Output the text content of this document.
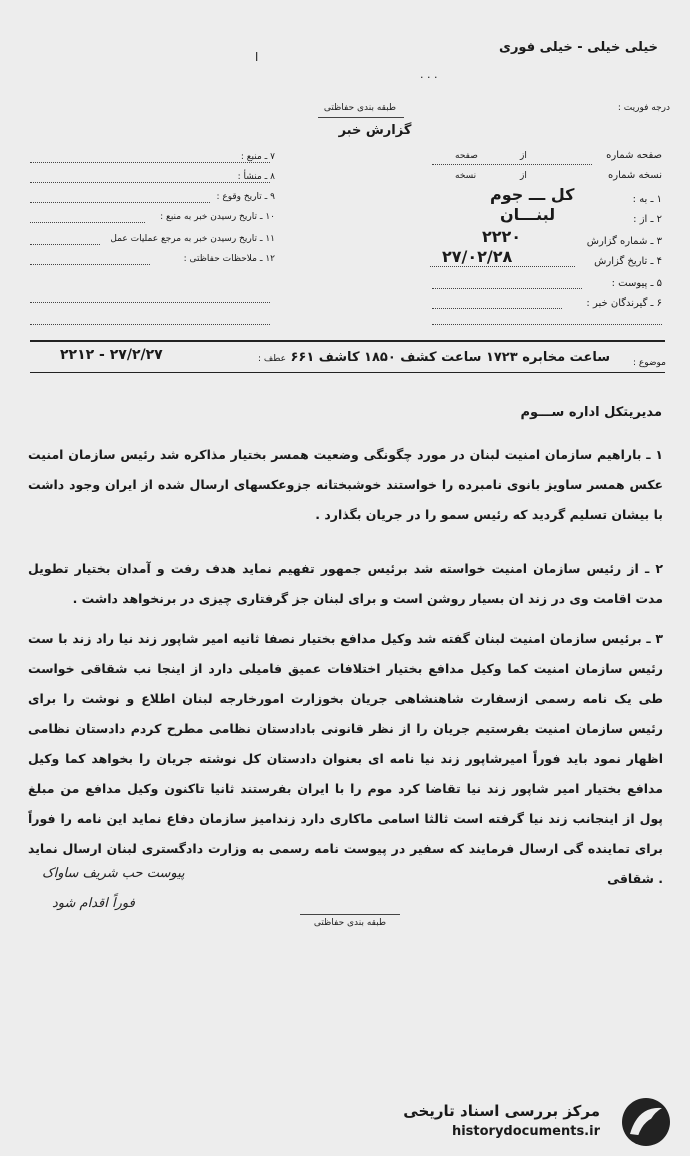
خیلی خیلی - خیلی فوری
. . .
ا
طبقه بندی حفاظتی
گزارش خبر
درجه فوریت :
صفحه شماره
نسخه شماره
صفحه	از
از
نسخه
۱ ـ به :
کل ـــ جوم
۲ ـ از :
لبنـــان
۳ ـ شماره گزارش
۲۲۲۰
۴ ـ تاریخ گزارش
۲۷/۰۲/۲۸
۵ ـ پیوست :
۶ ـ گیرندگان خبر :
۷ ـ منبع :
۸ ـ منشأ :
۹ ـ تاریخ وقوع :
۱۰ ـ تاریخ رسیدن خبر به منبع :
۱۱ ـ تاریخ رسیدن خبر به مرجع عملیات عمل
۱۲ ـ ملاحظات حفاظتی :
موضوع :
ساعت مخابره ۱۷۲۳ ساعت کشف ۱۸۵۰ کاشف ۶۶۱
عطف :
۲۷/۲/۲۷ - ۲۲۱۲
مدیریتکل اداره ســـوم
۱ ـ باراهیم سازمان امنیت لبنان در مورد چگونگی وضعیت همسر بختیار مذاکره شد رئیس سازمان امنیت عکس همسر ساویز بانوی نامبرده را خواستند خوشبختانه جزوعکسهای ارسال شده از ایران وجود داشت با بیشان تسلیم گردید که رئیس سمو را در جریان بگذارد .
۲ ـ از رئیس سازمان امنیت خواسته شد برئیس جمهور تفهیم نماید هدف رفت و آمدان بختیار تطویل مدت اقامت وی در زند ان بسیار روشن است و برای لبنان جز گرفتاری چیزی در برنخواهد داشت .
۳ ـ برئیس سازمان امنیت لبنان گفته شد وکیل مدافع بختیار نصفا ثانیه امیر شاپور زند نیا راد زند با ست رئیس سازمان امنیت کما وکیل مدافع بختیار اختلافات عمیق فامیلی دارد از اینجا نب شقاقی خواست طی یک نامه رسمی ازسفارت شاهنشاهی جریان بخوزارت امورخارجه لبنان اطلاع و نوشت را برای رئیس سازمان امنیت بفرستیم جریان را از نظر قانونی بادادستان نظامی مطرح کردم دادستان نظامی اظهار نمود باید فوراً امیرشاپور زند نیا نامه ای بعنوان دادستان کل نوشته جریان را بخواهد کما وکیل مدافع بختیار امیر شاپور زند نیا تقاضا کرد موم را با ایران بفرستند ثانیا تاکنون وکیل مدافع من مبلغ پول از اینجانب زند نیا گرفته است ثالثا اسامی ماکاری دارد زندامیز سازمان دفاع نماید این نامه را فوراً برای تماینده گی ارسال فرمایند که سفیر در پیوست نامه رسمی به وزارت دادگستری لبنان ارسال نماید . شقاقی
پیوست حب شریف ساواک
فوراً اقدام شود
طبقه بندی حفاظتی
مرکز بررسی اسناد تاریخی
historydocuments.ir
